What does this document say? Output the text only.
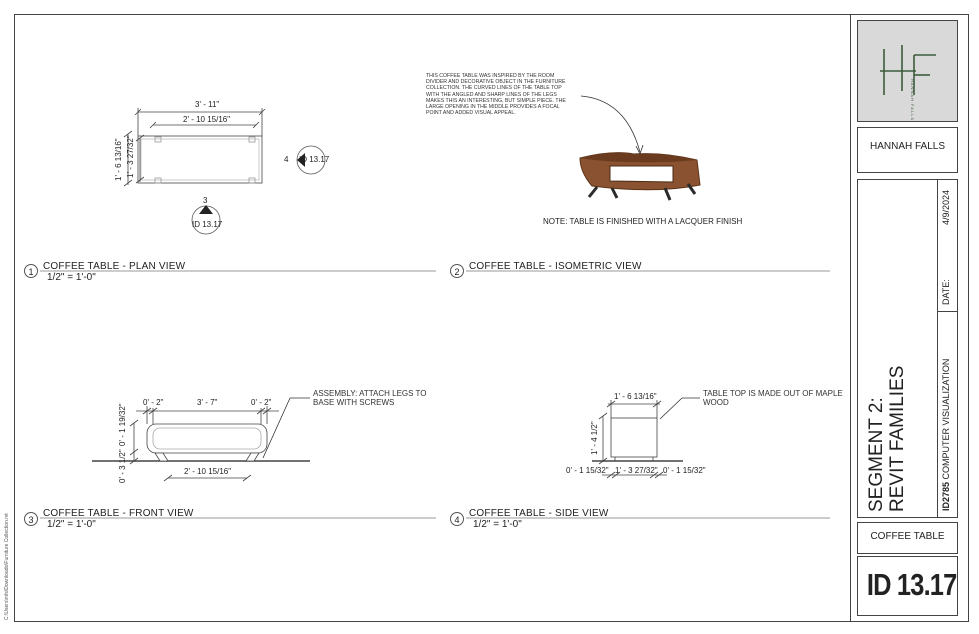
3' - 11"
2' - 10 15/16"
1' - 6 13/16" 1' - 3 27/32"	4 ID 13.17
3
ID 13.17
THIS COFFEE TABLE WAS INSPIRED BY THE ROOM DIVIDER AND DECORATIVE OBJECT IN THE FURNITURE COLLECTION. THE CURVED LINES OF THE TABLE TOP WITH THE ANGLED AND SHARP LINES OF THE LEGS MAKES THIS AN INTERESTING, BUT SIMPLE PIECE. THE LARGE OPENING IN THE MIDDLE PROVIDES A FOCAL POINT AND ADDED VISUAL APPEAL.
NOTE: TABLE IS FINISHED WITH A LACQUER FINISH
0' - 2"	3' - 7"	0' - 2"
0' - 1 19/32"
0' - 3 1/2"	2' - 10 15/16"
ASSEMBLY: ATTACH LEGS TO BASE WITH SCREWS
1' - 6 13/16"
1' - 4 1/2"
0' - 1 15/32" 1' - 3 27/32" 0' - 1 15/32"
TABLE TOP IS MADE OUT OF MAPLE WOOD
1 COFFEE TABLE - PLAN VIEW
1/2" = 1'-0"	2 COFFEE TABLE - ISOMETRIC VIEW
3
COFFEE TABLE - FRONT VIEW
1/2" = 1'-0"	4
COFFEE TABLE - SIDE VIEW
1/2" = 1'-0"
C:\Users\mfs\Downloads\Furniture Collection.rvt
HANNAH FALLS
HANNAH FALLS
SEGMENT 2: REVIT FAMILIES	ID2785 COMPUTER VISUALIZATION
DATE:
4/9/2024
COFFEE TABLE
ID 13.17
